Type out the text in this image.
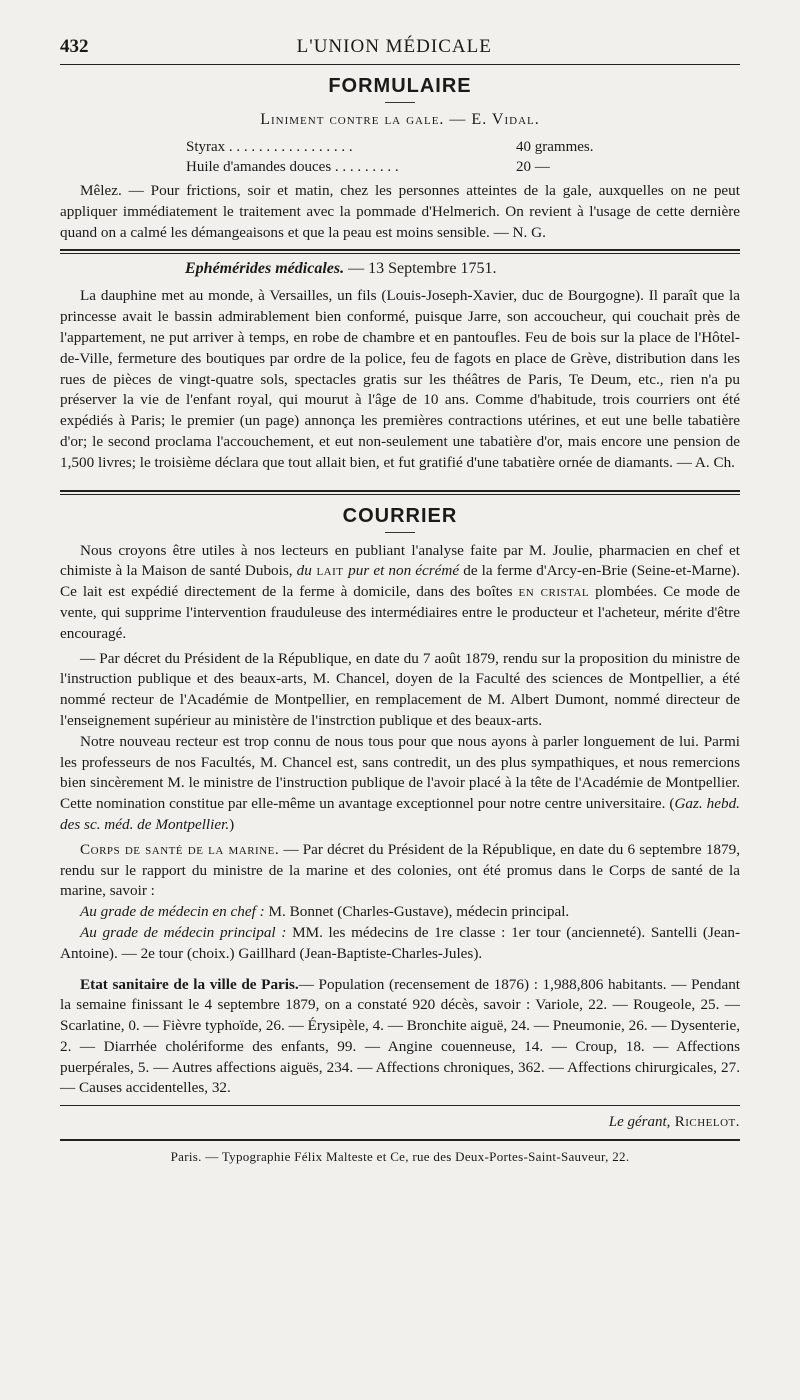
432	L'UNION MÉDICALE
FORMULAIRE
Liniment contre la gale. — E. Vidal.
Styrax . . . . . . . . . . . . . . . . .	40 grammes.
Huile d'amandes douces . . . . . . . . .	20 —

Mêlez. — Pour frictions, soir et matin, chez les personnes atteintes de la gale, auxquelles on ne peut appliquer immédiatement le traitement avec la pommade d'Helmerich. On revient à l'usage de cette dernière quand on a calmé les démangeaisons et que la peau est moins sensible. — N. G.

Ephémérides médicales. — 13 Septembre 1751.

La dauphine met au monde, à Versailles, un fils (Louis-Joseph-Xavier, duc de Bourgogne). Il paraît que la princesse avait le bassin admirablement bien conformé, puisque Jarre, son accoucheur, qui couchait près de l'appartement, ne put arriver à temps, en robe de chambre et en pantoufles. Feu de bois sur la place de l'Hôtel-de-Ville, fermeture des boutiques par ordre de la police, feu de fagots en place de Grève, distribution dans les rues de pièces de vingt-quatre sols, spectacles gratis sur les théâtres de Paris, Te Deum, etc., rien n'a pu préserver la vie de l'enfant royal, qui mourut à l'âge de 10 ans. Comme d'habitude, trois courriers ont été expédiés à Paris; le premier (un page) annonça les premières contractions utérines, et eut une belle tabatière d'or; le second proclama l'accouchement, et eut non-seulement une tabatière d'or, mais encore une pension de 1,500 livres; le troisième déclara que tout allait bien, et fut gratifié d'une tabatière ornée de diamants. — A. Ch.

COURRIER

Nous croyons être utiles à nos lecteurs en publiant l'analyse faite par M. Joulie, pharmacien en chef et chimiste à la Maison de santé Dubois, du lait pur et non écrémé de la ferme d'Arcy-en-Brie (Seine-et-Marne). Ce lait est expédié directement de la ferme à domicile, dans des boîtes en cristal plombées. Ce mode de vente, qui supprime l'intervention frauduleuse des intermédiaires entre le producteur et l'acheteur, mérite d'être encouragé.

— Par décret du Président de la République, en date du 7 août 1879, rendu sur la proposition du ministre de l'instruction publique et des beaux-arts, M. Chancel, doyen de la Faculté des sciences de Montpellier, a été nommé recteur de l'Académie de Montpellier, en remplacement de M. Albert Dumont, nommé directeur de l'enseignement supérieur au ministère de l'instrction publique et des beaux-arts.

Notre nouveau recteur est trop connu de nous tous pour que nous ayons à parler longuement de lui. Parmi les professeurs de nos Facultés, M. Chancel est, sans contredit, un des plus sympathiques, et nous remercions bien sincèrement M. le ministre de l'instruction publique de l'avoir placé à la tête de l'Académie de Montpellier. Cette nomination constitue par elle-même un avantage exceptionnel pour notre centre universitaire. (Gaz. hebd. des sc. méd. de Montpellier.)

Corps de santé de la marine. — Par décret du Président de la République, en date du 6 septembre 1879, rendu sur le rapport du ministre de la marine et des colonies, ont été promus dans le Corps de santé de la marine, savoir :

Au grade de médecin en chef : M. Bonnet (Charles-Gustave), médecin principal.

Au grade de médecin principal : MM. les médecins de 1re classe : 1er tour (ancienneté). Santelli (Jean-Antoine). — 2e tour (choix.) Gaillhard (Jean-Baptiste-Charles-Jules).

Etat sanitaire de la ville de Paris.— Population (recensement de 1876) : 1,988,806 habitants. — Pendant la semaine finissant le 4 septembre 1879, on a constaté 920 décès, savoir : Variole, 22. — Rougeole, 25. — Scarlatine, 0. — Fièvre typhoïde, 26. — Érysipèle, 4. — Bronchite aiguë, 24. — Pneumonie, 26. — Dysenterie, 2. — Diarrhée cholériforme des enfants, 99. — Angine couenneuse, 14. — Croup, 18. — Affections puerpérales, 5. — Autres affections aiguës, 234. — Affections chroniques, 362. — Affections chirurgicales, 27. — Causes accidentelles, 32.

Le gérant, Richelot.
Paris. — Typographie Félix Malteste et Ce, rue des Deux-Portes-Saint-Sauveur, 22.
